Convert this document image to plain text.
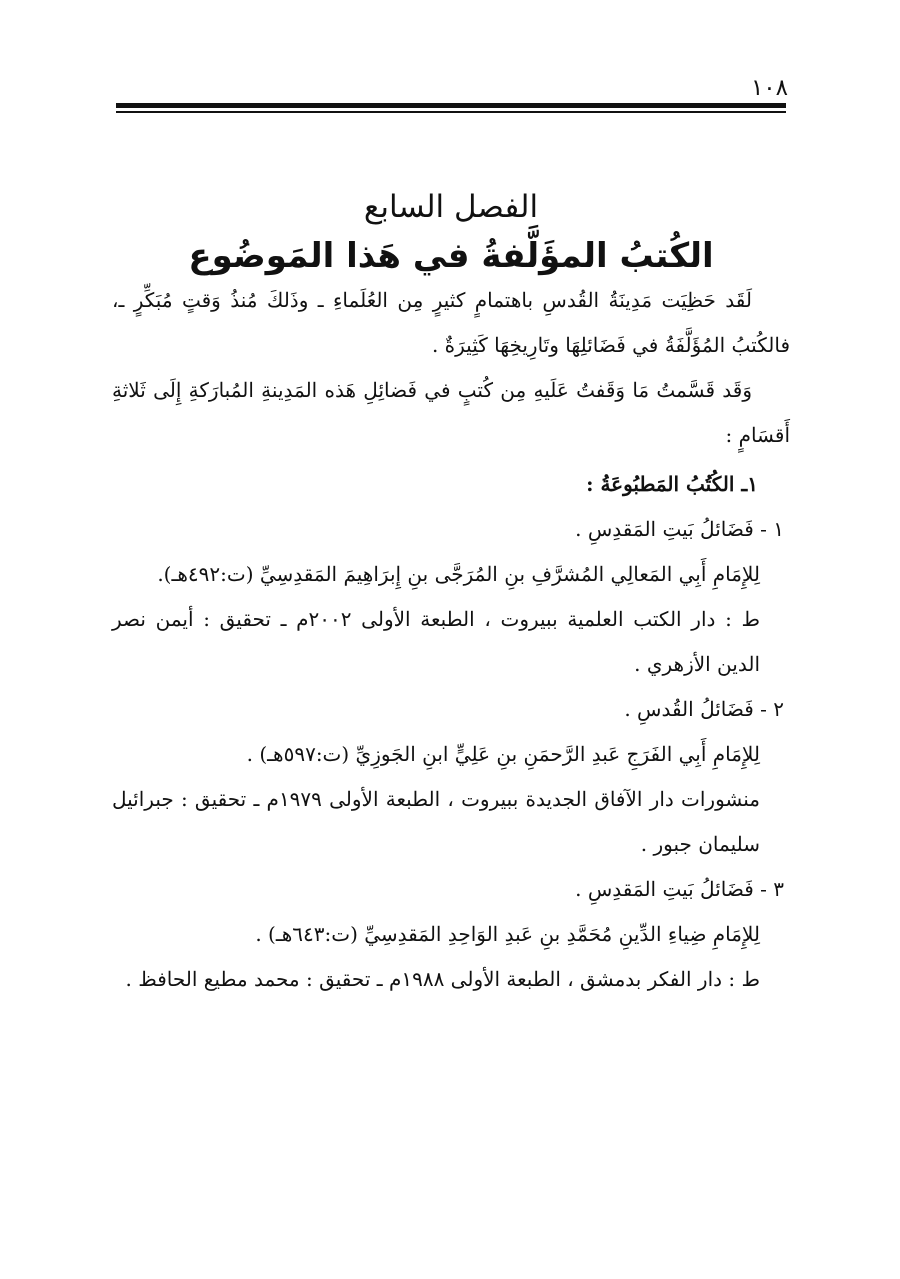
١٠٨
الفصل السابع
الكُتبُ المؤَلَّفةُ في هَذا المَوضُوع

لَقَد حَظِيَت مَدِينَةُ القُدسِ باهتمامٍ كثيرٍ مِن العُلَماءِ ـ وذَلكَ مُنذُ وَقتٍ مُبَكِّرٍ ـ، فالكُتبُ المُؤَلَّفَةُ في فَضَائلِهَا وتَارِيخِهَا كَثِيرَةٌ .

وَقَد قَسَّمتُ مَا وَقَفتُ عَلَيهِ مِن كُتبٍ في فَضائِلِ هَذه المَدِينةِ المُبارَكةِ إِلَى ثَلاثةِ أَقسَامٍ :

١ـ الكُتُبُ المَطبُوعَةُ :

١ - فَضَائلُ بَيتِ المَقدِسِ .

لِلإِمَامِ أَبِي المَعالِي المُشرَّفِ بنِ المُرَجَّى بنِ إِبرَاهِيمَ المَقدِسِيِّ (ت:٤٩٢هـ).

ط : دار الكتب العلمية ببيروت ، الطبعة الأولى ٢٠٠٢م ـ تحقيق : أيمن نصر الدين الأزهري .

٢ - فَضَائلُ القُدسِ .

لِلإِمَامِ أَبِي الفَرَجِ عَبدِ الرَّحمَنِ بنِ عَلِيٍّ ابنِ الجَوزِيِّ (ت:٥٩٧هـ) .

منشورات دار الآفاق الجديدة ببيروت ، الطبعة الأولى ١٩٧٩م ـ تحقيق : جبرائيل سليمان جبور .

٣ - فَضَائلُ بَيتِ المَقدِسِ .

لِلإِمَامِ ضِياءِ الدِّينِ مُحَمَّدِ بنِ عَبدِ الوَاحِدِ المَقدِسِيِّ (ت:٦٤٣هـ) .

ط : دار الفكر بدمشق ، الطبعة الأولى ١٩٨٨م ـ تحقيق : محمد مطيع الحافظ .
